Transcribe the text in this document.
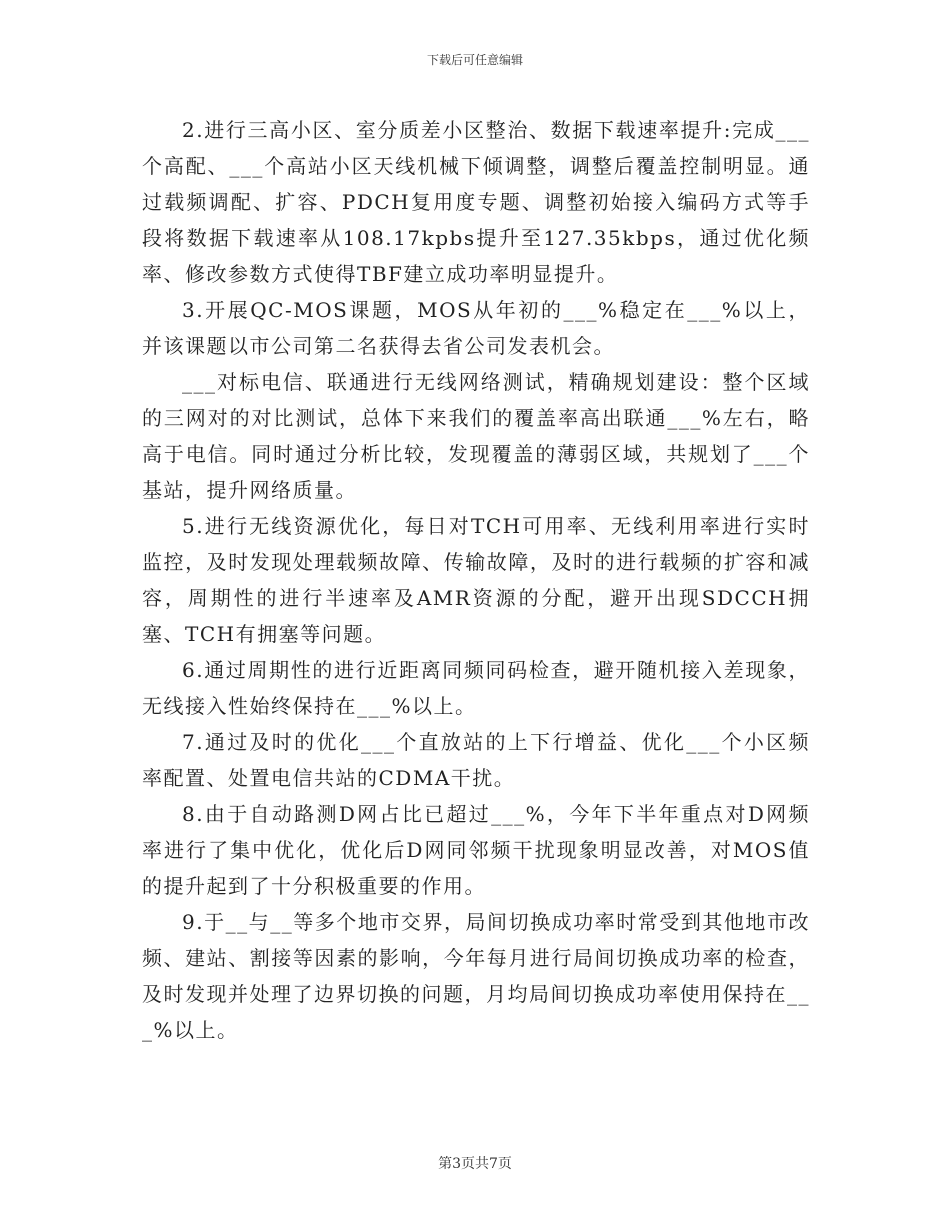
下载后可任意编辑

2.进行三高小区、室分质差小区整治、数据下载速率提升:完成___个高配、___个高站小区天线机械下倾调整，调整后覆盖控制明显。通过载频调配、扩容、PDCH复用度专题、调整初始接入编码方式等手段将数据下载速率从108.17kpbs提升至127.35kbps，通过优化频率、修改参数方式使得TBF建立成功率明显提升。

3.开展QC-MOS课题，MOS从年初的___%稳定在___%以上，并该课题以市公司第二名获得去省公司发表机会。

___对标电信、联通进行无线网络测试，精确规划建设：整个区域的三网对的对比测试，总体下来我们的覆盖率高出联通___%左右，略高于电信。同时通过分析比较，发现覆盖的薄弱区域，共规划了___个基站，提升网络质量。

5.进行无线资源优化，每日对TCH可用率、无线利用率进行实时监控，及时发现处理载频故障、传输故障，及时的进行载频的扩容和减容，周期性的进行半速率及AMR资源的分配，避开出现SDCCH拥塞、TCH有拥塞等问题。

6.通过周期性的进行近距离同频同码检查，避开随机接入差现象，无线接入性始终保持在___%以上。

7.通过及时的优化___个直放站的上下行增益、优化___个小区频率配置、处置电信共站的CDMA干扰。

8.由于自动路测D网占比已超过___%，今年下半年重点对D网频率进行了集中优化，优化后D网同邻频干扰现象明显改善，对MOS值的提升起到了十分积极重要的作用。

9.于__与__等多个地市交界，局间切换成功率时常受到其他地市改频、建站、割接等因素的影响，今年每月进行局间切换成功率的检查，及时发现并处理了边界切换的问题，月均局间切换成功率使用保持在___%以上。

第3页共7页
